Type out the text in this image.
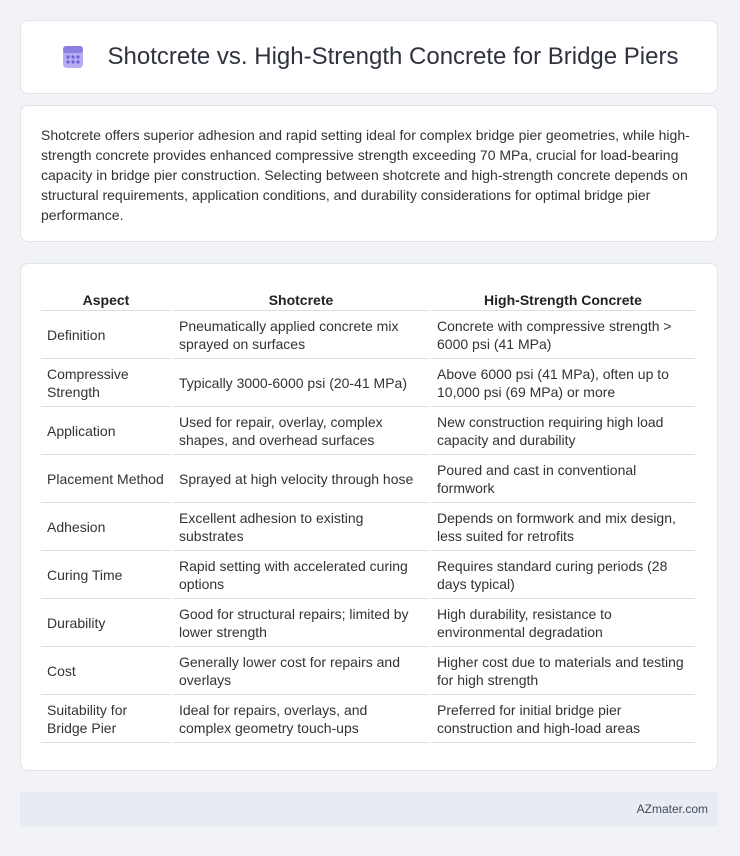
Shotcrete vs. High-Strength Concrete for Bridge Piers

Shotcrete offers superior adhesion and rapid setting ideal for complex bridge pier geometries, while high-strength concrete provides enhanced compressive strength exceeding 70 MPa, crucial for load-bearing capacity in bridge pier construction. Selecting between shotcrete and high-strength concrete depends on structural requirements, application conditions, and durability considerations for optimal bridge pier performance.

Aspect	Shotcrete	High-Strength Concrete
Definition	Pneumatically applied concrete mix sprayed on surfaces	Concrete with compressive strength > 6000 psi (41 MPa)
Compressive Strength	Typically 3000-6000 psi (20-41 MPa)	Above 6000 psi (41 MPa), often up to 10,000 psi (69 MPa) or more
Application	Used for repair, overlay, complex shapes, and overhead surfaces	New construction requiring high load capacity and durability
Placement Method	Sprayed at high velocity through hose	Poured and cast in conventional formwork
Adhesion	Excellent adhesion to existing substrates	Depends on formwork and mix design, less suited for retrofits
Curing Time	Rapid setting with accelerated curing options	Requires standard curing periods (28 days typical)
Durability	Good for structural repairs; limited by lower strength	High durability, resistance to environmental degradation
Cost	Generally lower cost for repairs and overlays	Higher cost due to materials and testing for high strength
Suitability for Bridge Pier	Ideal for repairs, overlays, and complex geometry touch-ups	Preferred for initial bridge pier construction and high-load areas
AZmater.com
